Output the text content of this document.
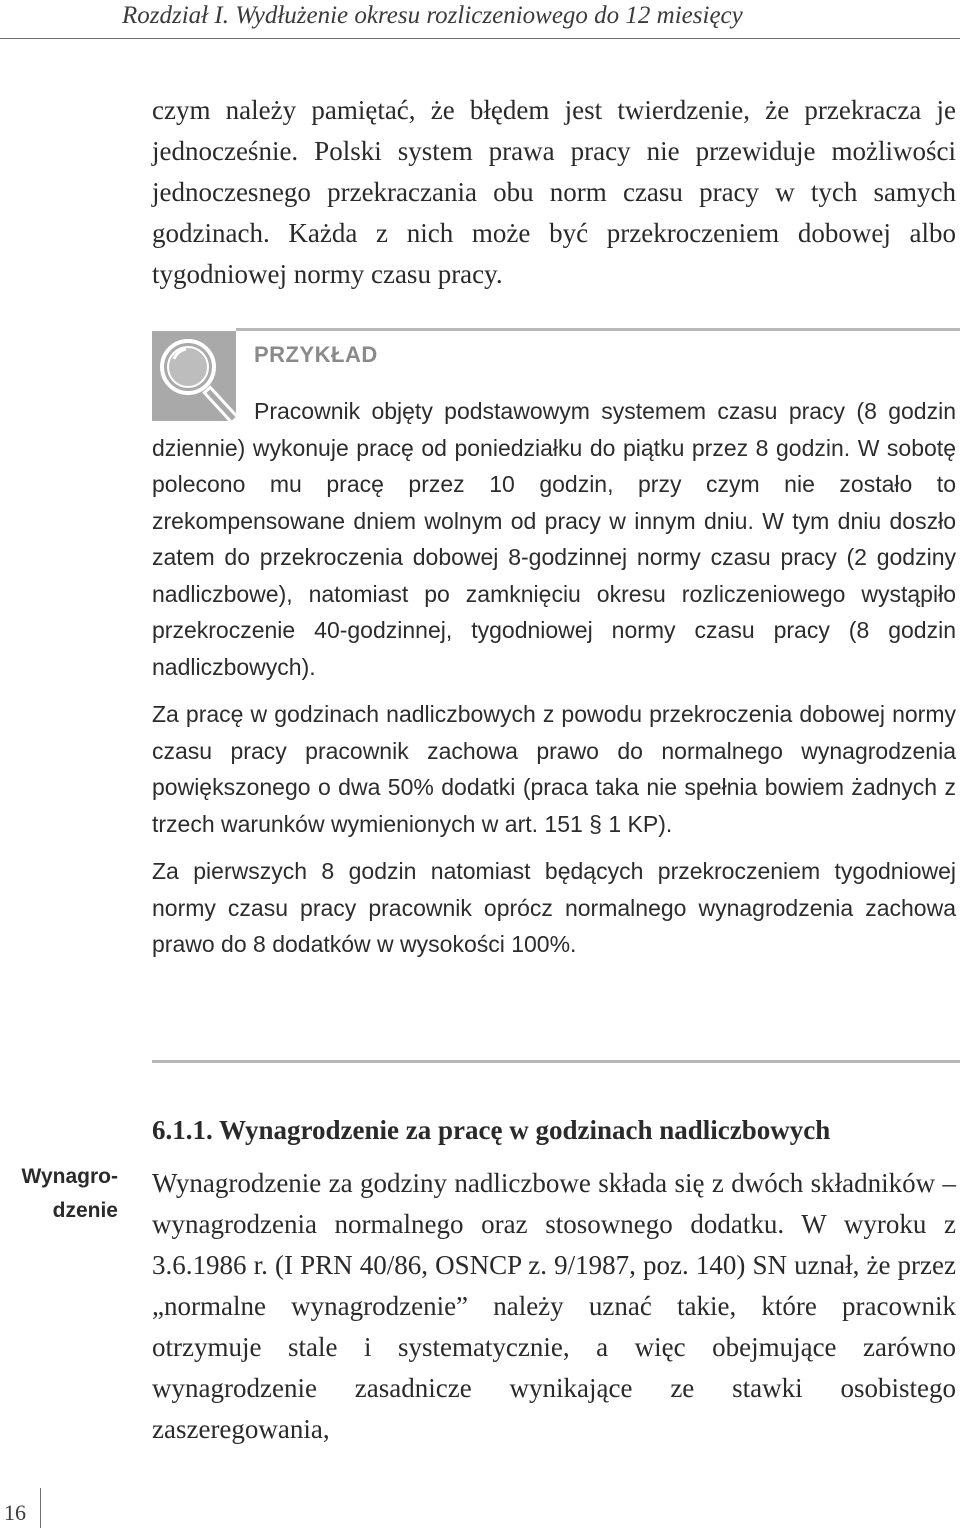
Rozdział I. Wydłużenie okresu rozliczeniowego do 12 miesięcy
czym należy pamiętać, że błędem jest twierdzenie, że przekracza je jednocześnie. Polski system prawa pracy nie przewiduje możliwości jednoczesnego przekraczania obu norm czasu pracy w tych samych godzinach. Każda z nich może być przekroczeniem dobowej albo tygodniowej normy czasu pracy.
PRZYKŁAD

Pracownik objęty podstawowym systemem czasu pracy (8 godzin dziennie) wykonuje pracę od poniedziałku do piątku przez 8 godzin. W sobotę polecono mu pracę przez 10 godzin, przy czym nie zostało to zrekompensowane dniem wolnym od pracy w innym dniu. W tym dniu doszło zatem do przekroczenia dobowej 8-godzinnej normy czasu pracy (2 godziny nadliczbowe), natomiast po zamknięciu okresu rozliczeniowego wystąpiło przekroczenie 40-godzinnej, tygodniowej normy czasu pracy (8 godzin nadliczbowych).

Za pracę w godzinach nadliczbowych z powodu przekroczenia dobowej normy czasu pracy pracownik zachowa prawo do normalnego wynagrodzenia powiększonego o dwa 50% dodatki (praca taka nie spełnia bowiem żadnych z trzech warunków wymienionych w art. 151 § 1 KP).

Za pierwszych 8 godzin natomiast będących przekroczeniem tygodniowej normy czasu pracy pracownik oprócz normalnego wynagrodzenia zachowa prawo do 8 dodatków w wysokości 100%.

6.1.1. Wynagrodzenie za pracę w godzinach nadliczbowych
Wynagro-
dzenie
Wynagrodzenie za godziny nadliczbowe składa się z dwóch składników – wynagrodzenia normalnego oraz stosownego dodatku. W wyroku z 3.6.1986 r. (I PRN 40/86, OSNCP z. 9/1987, poz. 140) SN uznał, że przez „normalne wynagrodzenie” należy uznać takie, które pracownik otrzymuje stale i systematycznie, a więc obejmujące zarówno wynagrodzenie zasadnicze wynikające ze stawki osobistego zaszeregowania,
16
